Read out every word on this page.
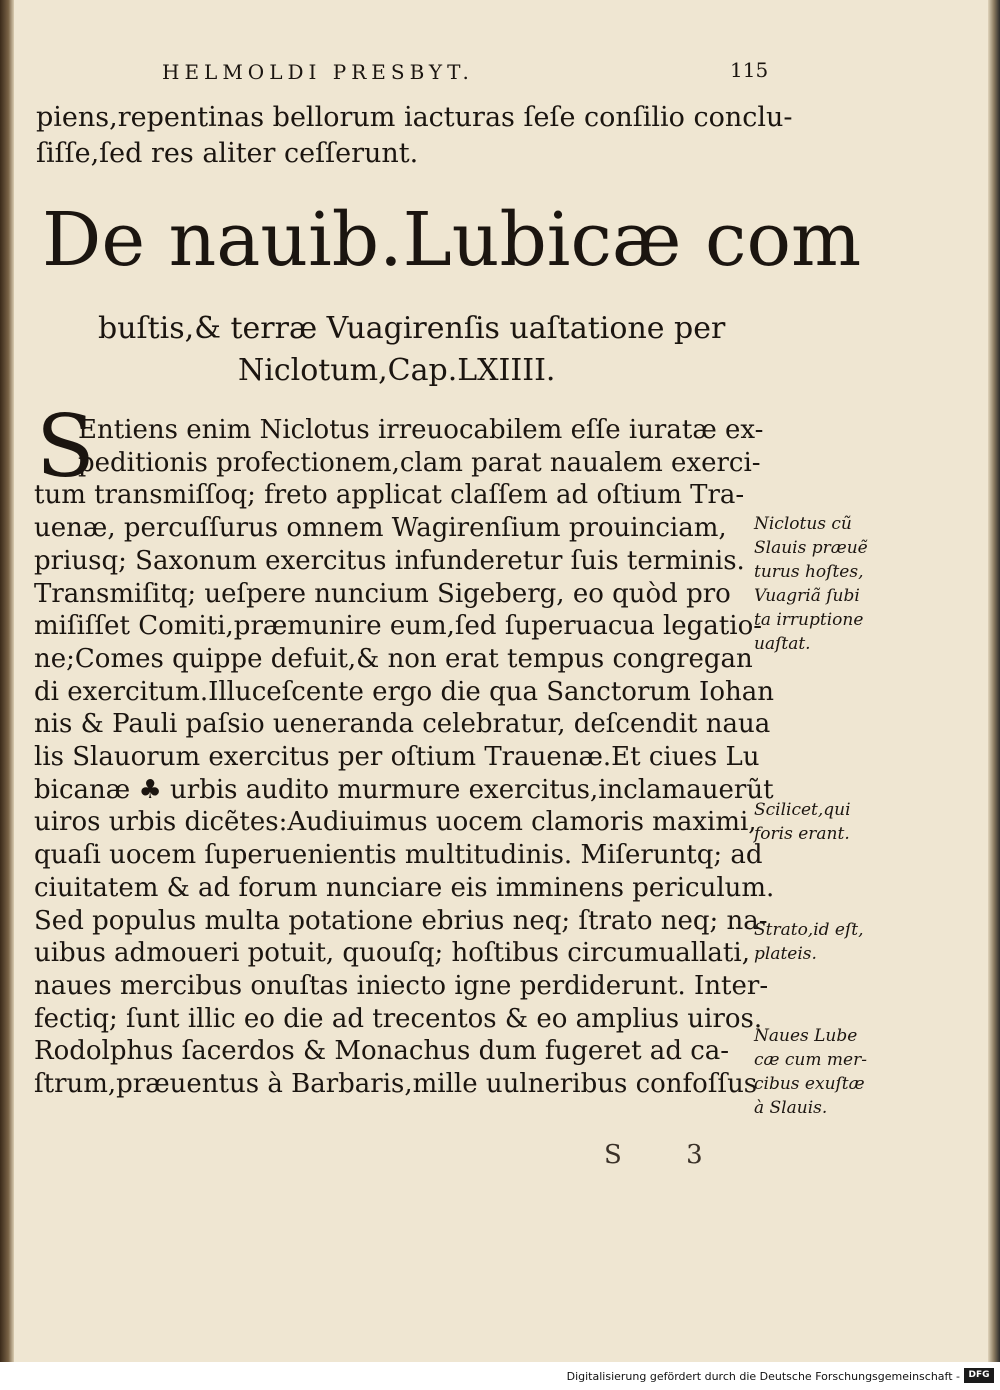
HELMOLDI PRESBYT.	115
piens,repentinas bellorum iacturas ſeſe conſilio conclu-
ſiſſe,ſed res aliter ceſſerunt.
De nauib.Lubicæ com
buſtis,& terræ Vuagirenſis uaſtatione per
Niclotum,Cap.LXIIII.
S
Entiens enim Niclotus irreuocabilem eſſe iuratæ ex-
peditionis profectionem,clam parat naualem exerci-
tum transmiſſoq; freto applicat claſſem ad oſtium Tra-
uenæ, percuſſurus omnem Wagirenſium prouinciam,
priusq; Saxonum exercitus infunderetur ſuis terminis.
Transmiſitq; ueſpere nuncium Sigeberg, eo quòd pro
miſiſſet Comiti,præmunire eum,ſed ſuperuacua legatio-
ne;Comes quippe defuit,& non erat tempus congregan
di exercitum.Illuceſcente ergo die qua Sanctorum Iohan
nis & Pauli paſsio ueneranda celebratur, deſcendit naua
lis Slauorum exercitus per oſtium Trauenæ.Et ciues Lu
bicanæ ♣ urbis audito murmure exercitus,inclamauerũt
uiros urbis dicẽtes:Audiuimus uocem clamoris maximi,
quaſi uocem ſuperuenientis multitudinis. Miſeruntq; ad
ciuitatem & ad forum nunciare eis imminens periculum.
Sed populus multa potatione ebrius neq; ſtrato neq; na-
uibus admoueri potuit, quouſq; hoſtibus circumuallati,
naues mercibus onuſtas iniecto igne perdiderunt. Inter-
fectiq; ſunt illic eo die ad trecentos & eo amplius uiros.
Rodolphus ſacerdos & Monachus dum fugeret ad ca-
ſtrum,præuentus à Barbaris,mille uulneribus confoſſus
Niclotus cũ
Slauis præuẽ
turus hoſtes,
Vuagriã ſubi
ta irruptione
uaſtat.
Scilicet,qui
foris erant.
Strato,id eſt,
plateis.
Naues Lube
cæ cum mer-
cibus exuſtæ
à Slauis.
S 3
Digitalisierung gefördert durch die Deutsche Forschungsgemeinschaft - DFG
